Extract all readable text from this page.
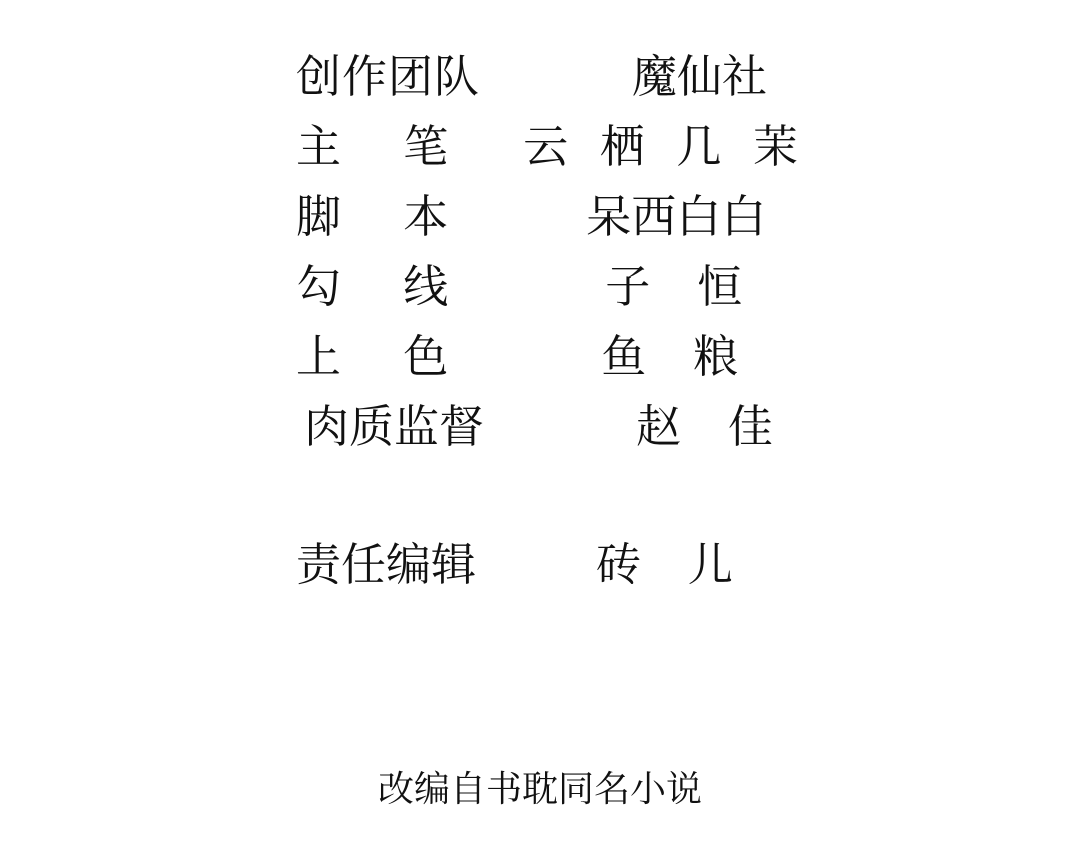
创作团队	魔仙社
主    笔 云  栖  几  茉
脚    本	呆西白白
勾    线	子   恒
上    色	鱼   粮
肉质监督	赵   佳
责任编辑	砖   儿
改编自书耽同名小说
